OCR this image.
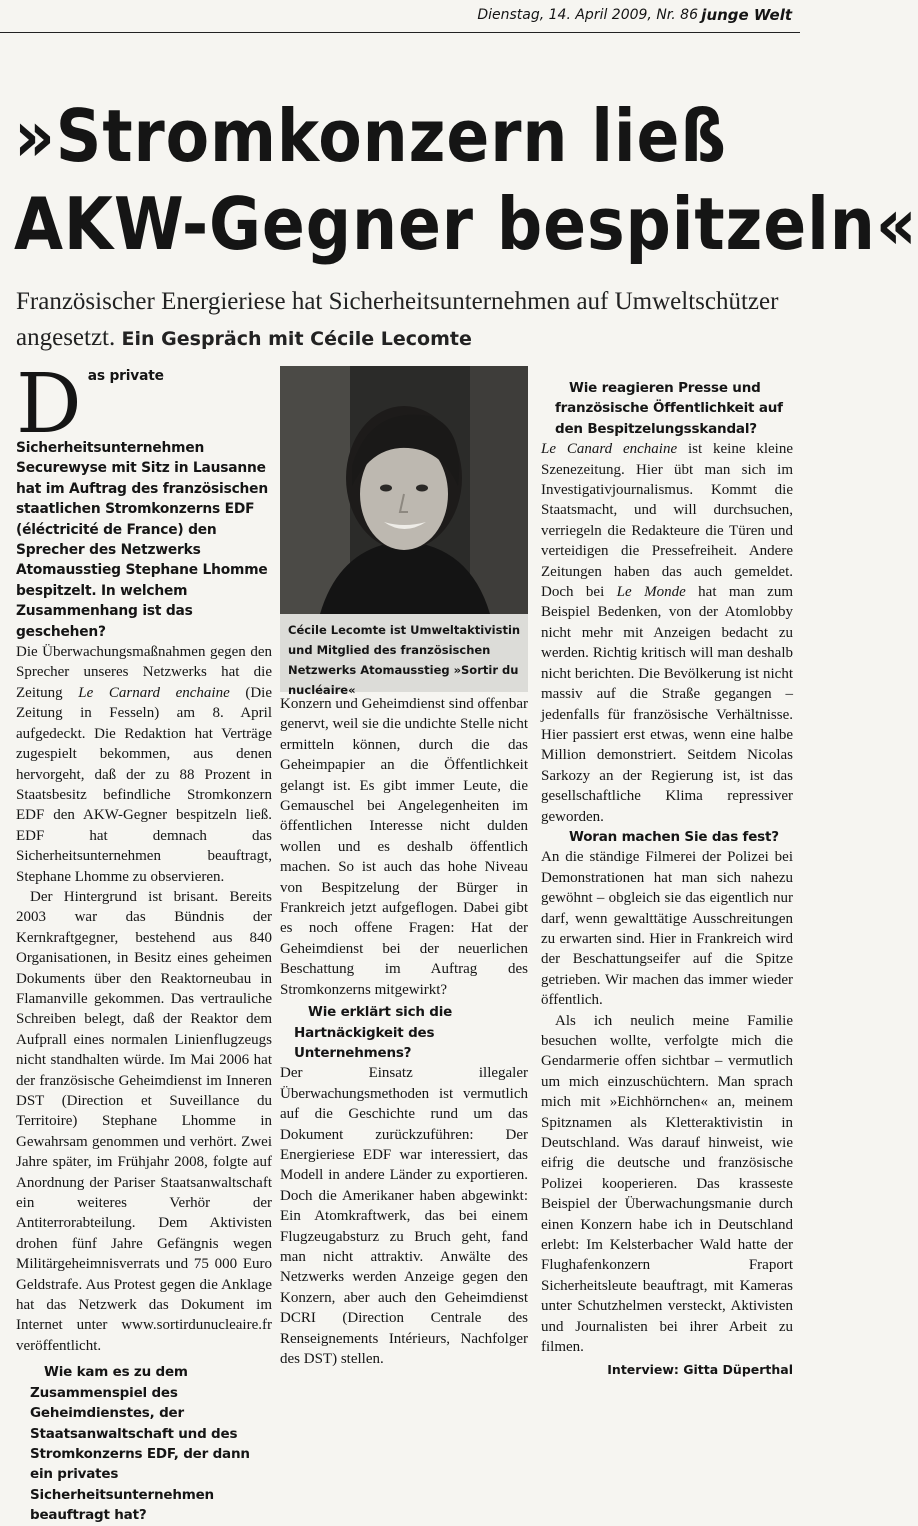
Dienstag, 14. April 2009, Nr. 86 junge Welt
»Stromkonzern ließ
AKW-Gegner bespitzeln«
Französischer Energieriese hat Sicherheitsunternehmen auf Umweltschützer angesetzt. Ein Gespräch mit Cécile Lecomte
D as private Sicherheitsunternehmen Securewyse mit Sitz in Lausanne hat im Auftrag des französischen staatlichen Stromkonzerns EDF (éléctricité de France) den Sprecher des Netzwerks Atomausstieg Stephane Lhomme bespitzelt. In welchem Zusammenhang ist das geschehen?

Die Überwachungsmaßnahmen gegen den Sprecher unseres Netzwerks hat die Zeitung Le Carnard enchaine (Die Zeitung in Fesseln) am 8. April aufgedeckt. Die Redaktion hat Verträge zugespielt bekommen, aus denen hervorgeht, daß der zu 88 Prozent in Staatsbesitz befindliche Stromkonzern EDF den AKW-Gegner bespitzeln ließ. EDF hat demnach das Sicherheitsunternehmen beauftragt, Stephane Lhomme zu observieren.

Der Hintergrund ist brisant. Bereits 2003 war das Bündnis der Kernkraftgegner, bestehend aus 840 Organisationen, in Besitz eines geheimen Dokuments über den Reaktorneubau in Flamanville gekommen. Das vertrauliche Schreiben belegt, daß der Reaktor dem Aufprall eines normalen Linienflugzeugs nicht standhalten würde. Im Mai 2006 hat der französische Geheimdienst im Inneren DST (Direction et Suveillance du Territoire) Stephane Lhomme in Gewahrsam genommen und verhört. Zwei Jahre später, im Frühjahr 2008, folgte auf Anordnung der Pariser Staatsanwaltschaft ein weiteres Verhör der Antiterrorabteilung. Dem Aktivisten drohen fünf Jahre Gefängnis wegen Militärgeheimnisverrats und 75 000 Euro Geldstrafe. Aus Protest gegen die Anklage hat das Netzwerk das Dokument im Internet unter www.sortirdunucleaire.fr veröffentlicht.

Wie kam es zu dem Zusammenspiel des Geheimdienstes, der Staatsanwaltschaft und des Stromkonzerns EDF, der dann ein privates Sicherheitsunternehmen beauftragt hat?

Cécile Lecomte ist Umweltaktivistin und Mitglied des französischen Netzwerks Atomausstieg »Sortir du nucléaire«

Konzern und Geheimdienst sind offenbar genervt, weil sie die undichte Stelle nicht ermitteln können, durch die das Geheimpapier an die Öffentlichkeit gelangt ist. Es gibt immer Leute, die Gemauschel bei Angelegenheiten im öffentlichen Interesse nicht dulden wollen und es deshalb öffentlich machen. So ist auch das hohe Niveau von Bespitzelung der Bürger in Frankreich jetzt aufgeflogen. Dabei gibt es noch offene Fragen: Hat der Geheimdienst bei der neuerlichen Beschattung im Auftrag des Stromkonzerns mitgewirkt?

Wie erklärt sich die Hartnäckigkeit des Unternehmens?

Der Einsatz illegaler Überwachungsmethoden ist vermutlich auf die Geschichte rund um das Dokument zurückzuführen: Der Energieriese EDF war interessiert, das Modell in andere Länder zu exportieren. Doch die Amerikaner haben abgewinkt: Ein Atomkraftwerk, das bei einem Flugzeugabsturz zu Bruch geht, fand man nicht attraktiv. Anwälte des Netzwerks werden Anzeige gegen den Konzern, aber auch den Geheimdienst DCRI (Direction Centrale des Renseignements Intérieurs, Nachfolger des DST) stellen.

Wie reagieren Presse und französische Öffentlichkeit auf den Bespitzelungsskandal?

Le Canard enchaine ist keine kleine Szenezeitung. Hier übt man sich im Investigativjournalismus. Kommt die Staatsmacht, und will durchsuchen, verriegeln die Redakteure die Türen und verteidigen die Pressefreiheit. Andere Zeitungen haben das auch gemeldet. Doch bei Le Monde hat man zum Beispiel Bedenken, von der Atomlobby nicht mehr mit Anzeigen bedacht zu werden. Richtig kritisch will man deshalb nicht berichten. Die Bevölkerung ist nicht massiv auf die Straße gegangen – jedenfalls für französische Verhältnisse. Hier passiert erst etwas, wenn eine halbe Million demonstriert. Seitdem Nicolas Sarkozy an der Regierung ist, ist das gesellschaftliche Klima repressiver geworden.

Woran machen Sie das fest?

An die ständige Filmerei der Polizei bei Demonstrationen hat man sich nahezu gewöhnt – obgleich sie das eigentlich nur darf, wenn gewalttätige Ausschreitungen zu erwarten sind. Hier in Frankreich wird der Beschattungseifer auf die Spitze getrieben. Wir machen das immer wieder öffentlich.

Als ich neulich meine Familie besuchen wollte, verfolgte mich die Gendarmerie offen sichtbar – vermutlich um mich einzuschüchtern. Man sprach mich mit »Eichhörnchen« an, meinem Spitznamen als Kletteraktivistin in Deutschland. Was darauf hinweist, wie eifrig die deutsche und französische Polizei kooperieren. Das krasseste Beispiel der Überwachungsmanie durch einen Konzern habe ich in Deutschland erlebt: Im Kelsterbacher Wald hatte der Flughafenkonzern Fraport Sicherheitsleute beauftragt, mit Kameras unter Schutzhelmen versteckt, Aktivisten und Journalisten bei ihrer Arbeit zu filmen.

Interview: Gitta Düperthal
